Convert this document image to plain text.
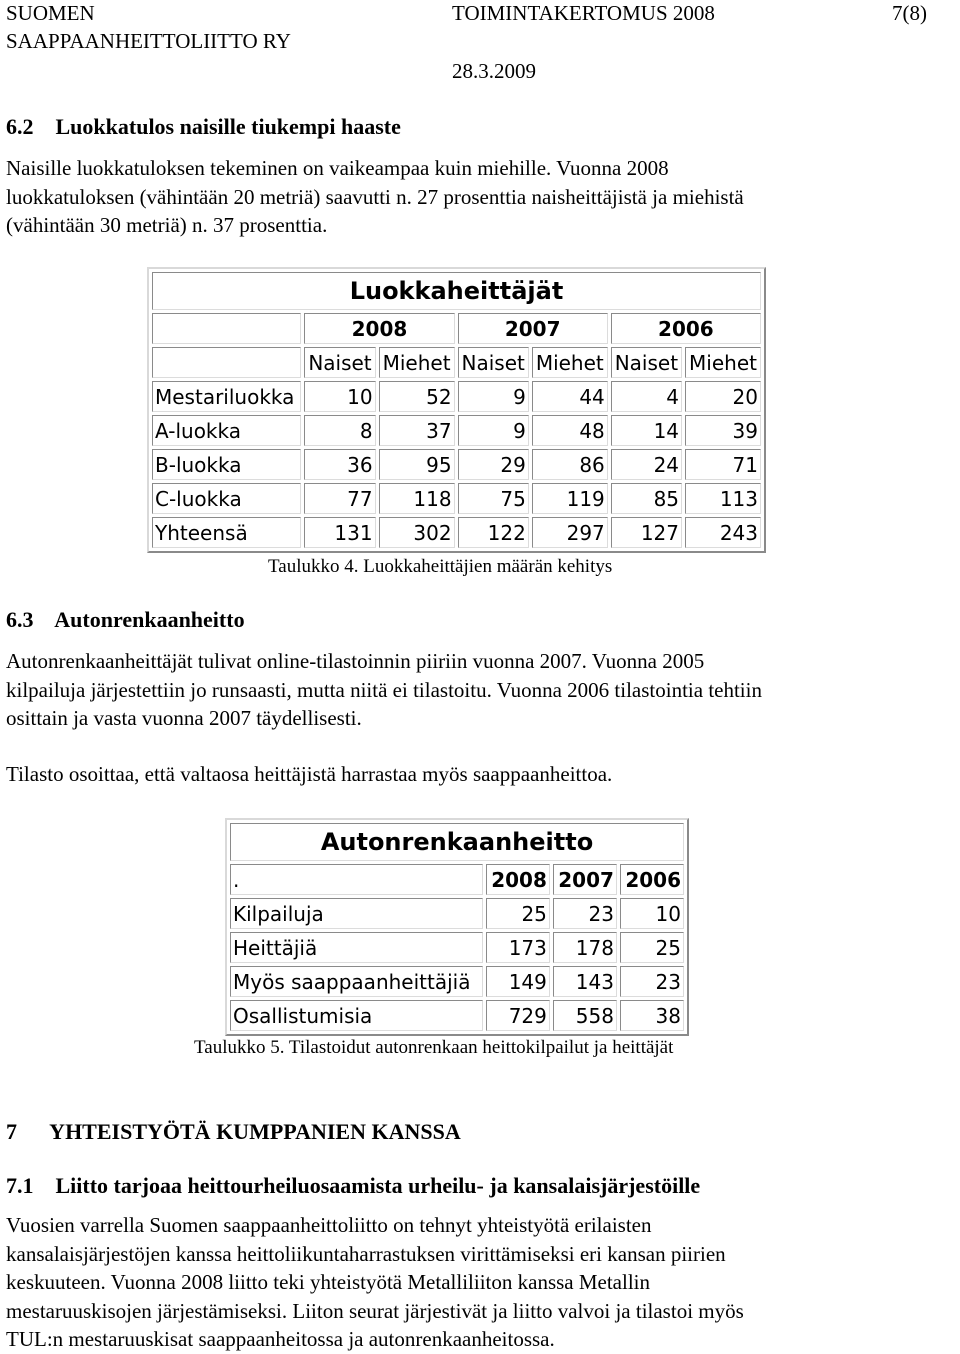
SUOMEN
SAAPPAANHEITTOLIITTO RY
TOIMINTAKERTOMUS 2008
28.3.2009
7(8)
6.2    Luokkatulos naisille tiukempi haaste
Naisille luokkatuloksen tekeminen on vaikeampaa kuin miehille. Vuonna 2008
luokkatuloksen (vähintään 20 metriä) saavutti n. 27 prosenttia naisheittäjistä ja miehistä
(vähintään 30 metriä) n. 37 prosenttia.
Luokkaheittäjät						
	2008		2007		2006	
	Naiset	Miehet	Naiset	Miehet	Naiset	Miehet
Mestariluokka	10	52	9	44	4	20
A-luokka	8	37	9	48	14	39
B-luokka	36	95	29	86	24	71
C-luokka	77	118	75	119	85	113
Yhteensä	131	302	122	297	127	243
Taulukko 4. Luokkaheittäjien määrän kehitys
6.3    Autonrenkaanheitto
Autonrenkaanheittäjät tulivat online-tilastoinnin piiriin vuonna 2007. Vuonna 2005
kilpailuja järjestettiin jo runsaasti, mutta niitä ei tilastoitu. Vuonna 2006 tilastointia tehtiin
osittain ja vasta vuonna 2007 täydellisesti.
Tilasto osoittaa, että valtaosa heittäjistä harrastaa myös saappaanheittoa.
Autonrenkaanheitto			
.	2008	2007	2006
Kilpailuja	25	23	10
Heittäjiä	173	178	25
Myös saappaanheittäjiä	149	143	23
Osallistumisia	729	558	38
Taulukko 5. Tilastoidut autonrenkaan heittokilpailut ja heittäjät
7      YHTEISTYÖTÄ KUMPPANIEN KANSSA
7.1    Liitto tarjoaa heittourheiluosaamista urheilu- ja kansalaisjärjestöille
Vuosien varrella Suomen saappaanheittoliitto on tehnyt yhteistyötä erilaisten
kansalaisjärjestöjen kanssa heittoliikuntaharrastuksen virittämiseksi eri kansan piirien
keskuuteen. Vuonna 2008 liitto teki yhteistyötä Metalliliiton kanssa Metallin
mestaruuskisojen järjestämiseksi. Liiton seurat järjestivät ja liitto valvoi ja tilastoi myös
TUL:n mestaruuskisat saappaanheitossa ja autonrenkaanheitossa.
